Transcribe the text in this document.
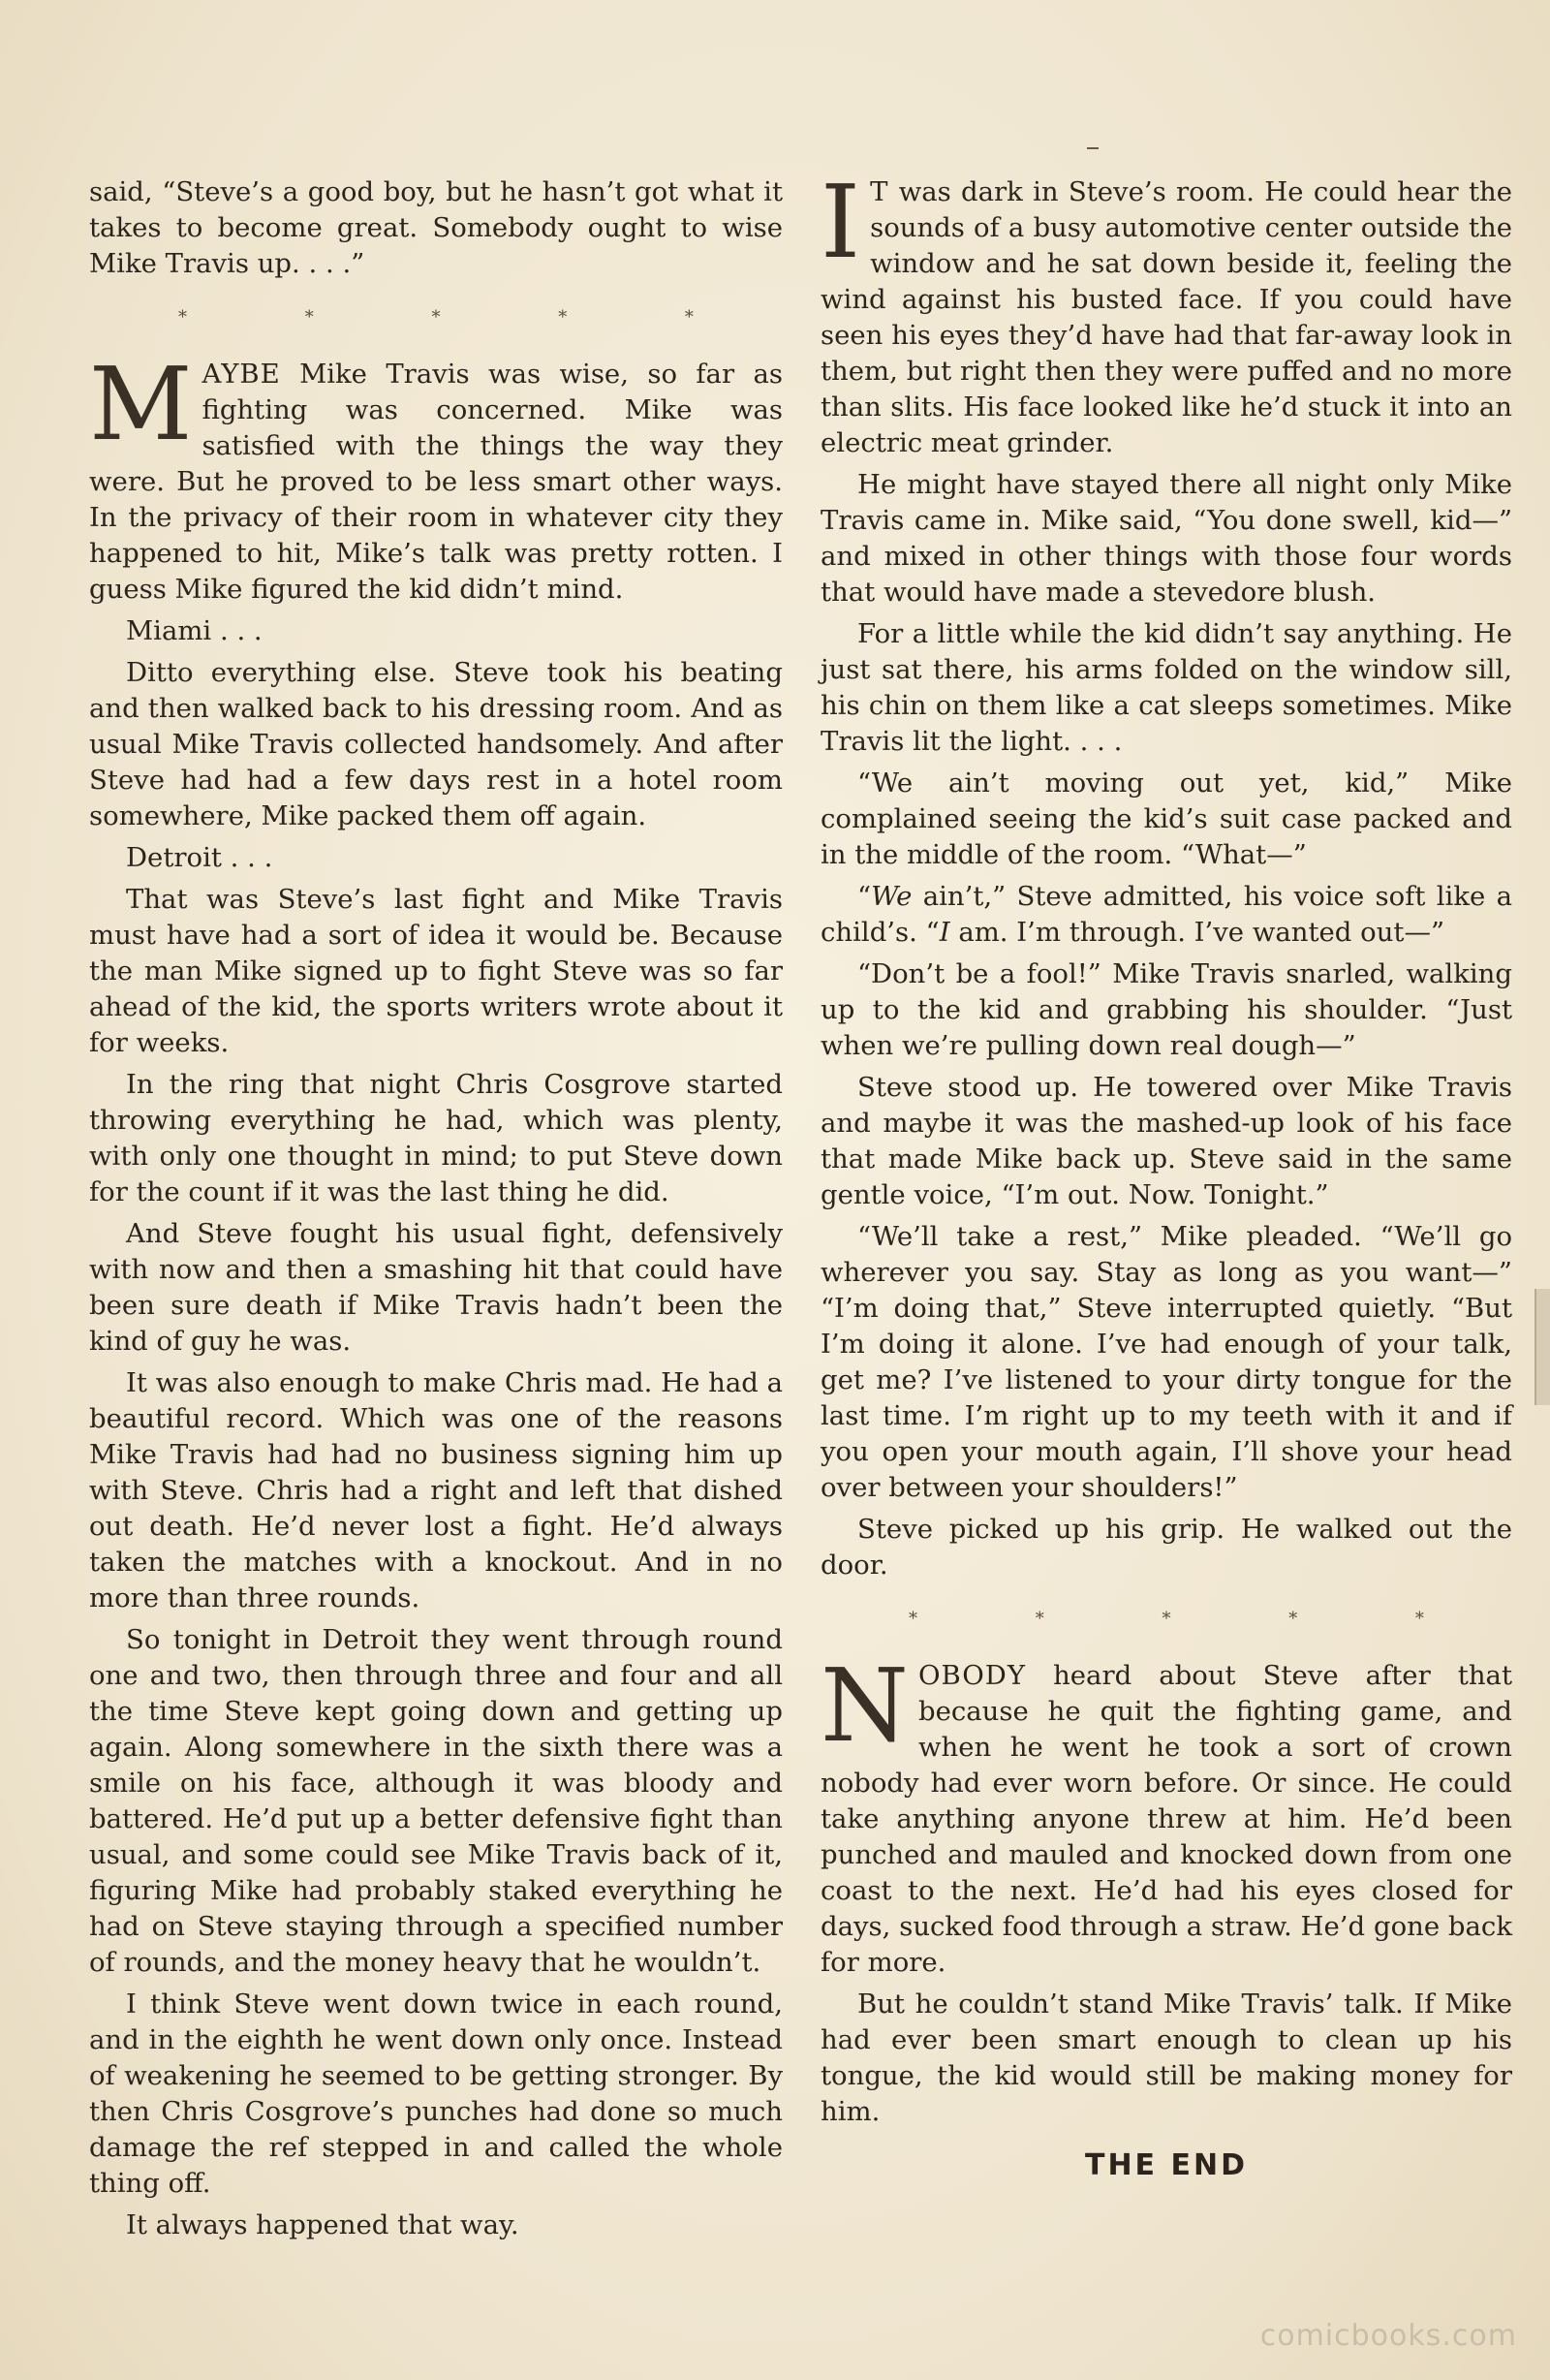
said, “Steve’s a good boy, but he hasn’t got what it takes to become great. Somebody ought to wise Mike Travis up. . . .”

* * * * *

MAYBE Mike Travis was wise, so far as fighting was concerned. Mike was satisfied with the things the way they were. But he proved to be less smart other ways. In the privacy of their room in whatever city they happened to hit, Mike’s talk was pretty rotten. I guess Mike figured the kid didn’t mind.

Miami . . .

Ditto everything else. Steve took his beating and then walked back to his dressing room. And as usual Mike Travis collected handsomely. And after Steve had had a few days rest in a hotel room somewhere, Mike packed them off again.

Detroit . . .

That was Steve’s last fight and Mike Travis must have had a sort of idea it would be. Because the man Mike signed up to fight Steve was so far ahead of the kid, the sports writers wrote about it for weeks.

In the ring that night Chris Cosgrove started throwing everything he had, which was plenty, with only one thought in mind; to put Steve down for the count if it was the last thing he did.

And Steve fought his usual fight, defensively with now and then a smashing hit that could have been sure death if Mike Travis hadn’t been the kind of guy he was.

It was also enough to make Chris mad. He had a beautiful record. Which was one of the reasons Mike Travis had had no business signing him up with Steve. Chris had a right and left that dished out death. He’d never lost a fight. He’d always taken the matches with a knockout. And in no more than three rounds.

So tonight in Detroit they went through round one and two, then through three and four and all the time Steve kept going down and getting up again. Along somewhere in the sixth there was a smile on his face, although it was bloody and battered. He’d put up a better defensive fight than usual, and some could see Mike Travis back of it, figuring Mike had probably staked everything he had on Steve staying through a specified number of rounds, and the money heavy that he wouldn’t.

I think Steve went down twice in each round, and in the eighth he went down only once. Instead of weakening he seemed to be getting stronger. By then Chris Cosgrove’s punches had done so much damage the ref stepped in and called the whole thing off.

It always happened that way.

IT was dark in Steve’s room. He could hear the sounds of a busy automotive center outside the window and he sat down beside it, feeling the wind against his busted face. If you could have seen his eyes they’d have had that far-away look in them, but right then they were puffed and no more than slits. His face looked like he’d stuck it into an electric meat grinder.

He might have stayed there all night only Mike Travis came in. Mike said, “You done swell, kid—” and mixed in other things with those four words that would have made a stevedore blush.

For a little while the kid didn’t say anything. He just sat there, his arms folded on the window sill, his chin on them like a cat sleeps sometimes. Mike Travis lit the light. . . .

“We ain’t moving out yet, kid,” Mike complained seeing the kid’s suit case packed and in the middle of the room. “What—”

“We ain’t,” Steve admitted, his voice soft like a child’s. “I am. I’m through. I’ve wanted out—”

“Don’t be a fool!” Mike Travis snarled, walking up to the kid and grabbing his shoulder. “Just when we’re pulling down real dough—”

Steve stood up. He towered over Mike Travis and maybe it was the mashed-up look of his face that made Mike back up. Steve said in the same gentle voice, “I’m out. Now. Tonight.”

“We’ll take a rest,” Mike pleaded. “We’ll go wherever you say. Stay as long as you want—” “I’m doing that,” Steve interrupted quietly. “But I’m doing it alone. I’ve had enough of your talk, get me? I’ve listened to your dirty tongue for the last time. I’m right up to my teeth with it and if you open your mouth again, I’ll shove your head over between your shoulders!”

Steve picked up his grip. He walked out the door.

* * * * *

NOBODY heard about Steve after that because he quit the fighting game, and when he went he took a sort of crown nobody had ever worn before. Or since. He could take anything anyone threw at him. He’d been punched and mauled and knocked down from one coast to the next. He’d had his eyes closed for days, sucked food through a straw. He’d gone back for more.

But he couldn’t stand Mike Travis’ talk. If Mike had ever been smart enough to clean up his tongue, the kid would still be making money for him.

THE END
comicbooks.com
